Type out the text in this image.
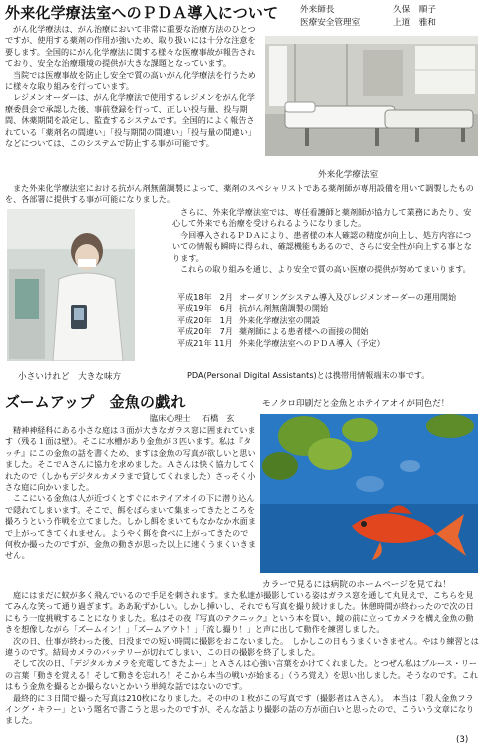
外来化学療法室へのＰＤＡ導入について	外来師長	久保　順子
医療安全管理室	上道　雅和

がん化学療法は、がん治療において非常に重要な治療方法のひとつですが、使用する薬剤の作用が強いため、取り扱いには十分な注意を要します。全国的にがん化学療法に関する様々な医療事故が報告されており、安全な治療環境の提供が大きな課題となっています。

当院では医療事故を防止し安全で質の高いがん化学療法を行うために様々な取り組みを行っています。

レジメンオーダーは、がん化学療法で使用するレジメンをがん化学療委員会で承認した後、事前登録を行って、正しい投与量、投与期間、休薬期間を設定し、監査するシステムです。全国的によく報告されている「薬剤名の間違い」「投与期間の間違い」「投与量の間違い」などについては、このシステムで防止する事が可能です。

外来化学療法室

また外来化学療法室における抗がん剤無菌調製によって、薬剤のスペシャリストである薬剤師が専用設備を用いて調製したものを、各部署に提供する事が可能になりました。

小さいけれど　大きな味方

さらに、外来化学療法室では、専任看護師と薬剤師が協力して業務にあたり、安心して外来でも治療を受けられるようになりました。

今回導入されるＰＤＡにより、患者様の本人確認の精度が向上し、処方内容についての情報も瞬時に得られ、確認機能もあるので、さらに安全性が向上する事となります。

これらの取り組みを通じ、より安全で質の高い医療の提供が努めてまいります。

平成18年　2月 オーダリングシステム導入及びレジメンオーダーの運用開始
平成19年　6月 抗がん剤無菌調製の開始
平成20年　1月 外来化学療法室の開設
平成20年　7月 薬剤師による患者様への面接の開始
平成21年 11月 外来化学療法室へのＰＤＡ導入（予定）
PDA(Personal Digital Assistants)とは携帯用情報端末の事です。
ズームアップ　金魚の戯れ	モノクロ印刷だと金魚とホテイアオイが同色だ！
臨床心理士 石橋　玄

精神神経科にある小さな庭は３面が大きなガラス窓に囲まれています（残る１面は壁）。そこに水槽があり金魚が３匹います。私は『タッチ』にこの金魚の話を書くため、ますは金魚の写真が欲しいと思いました。そこでＡさんに協力を求めました。Ａさんは快く協力してくれたので（しかもデジタルカメラまで貸してくれました）さっそく小さな庭に向かいました。

ここにいる金魚は人が近づくとすぐにホテイアオイの下に潜り込んで隠れてしまいます。そこで、餌をばらまいて集まってきたところを撮ろうという作戦を立てました。しかし餌をまいてもなかなか水面まで上がってきてくれません。ようやく餌を食べに上がってきたので何枚か撮ったのですが、金魚の動きが思った以上に速くうまくいきません。

カラーで見るには病院のホームページを見てね！

庭にはまだに蚊が多く飛んでいるので手足を刺されます。また私達が撮影している姿はガラス窓を通して丸見えで、こちらを見てみんな笑って通り過ぎます。ああ恥ずかしい。しかし挿いし、それでも写真を撮り続けました。休憩時間が終わったので次の日にもう一度挑戦することになりました。私はその夜『写真のテクニック』という本を買い、鏡の前に立ってカメラを構え金魚の動きを想像しながら「ズームイン！」「ズームアウト！」「流し撮り！」と声に出して動作を練習しました。

次の日、仕事が終わった後、日没までの短い時間に撮影をおこないました。　しかしこの日もうまくいきません。やはり練習とは違うのです。結局カメラのバッテリーが切れてしまい、この日の撮影を終了しました。

そして次の日、「デジタルカメラを充電してきたよー」とＡさんは心強い言葉をかけてくれました。とつぜん私はブルース・リーの言葉「動きを覚える！そして動きを忘れろ！そこから本当の戦いが始まる」（うろ覚え）を思い出しました。そうなのです。これはもう金魚を撮るとか撮らないとかいう単純な話ではないのです。

最終的に３日間で撮った写真は210枚になりました。その中の１枚がこの写真です（撮影者はＡさん）。　本当は「殺人金魚フライング・キラー」という題名で書こうと思ったのですが、そんな話より撮影の話の方が面白いと思ったので、こういう文章になりました。

(3)
